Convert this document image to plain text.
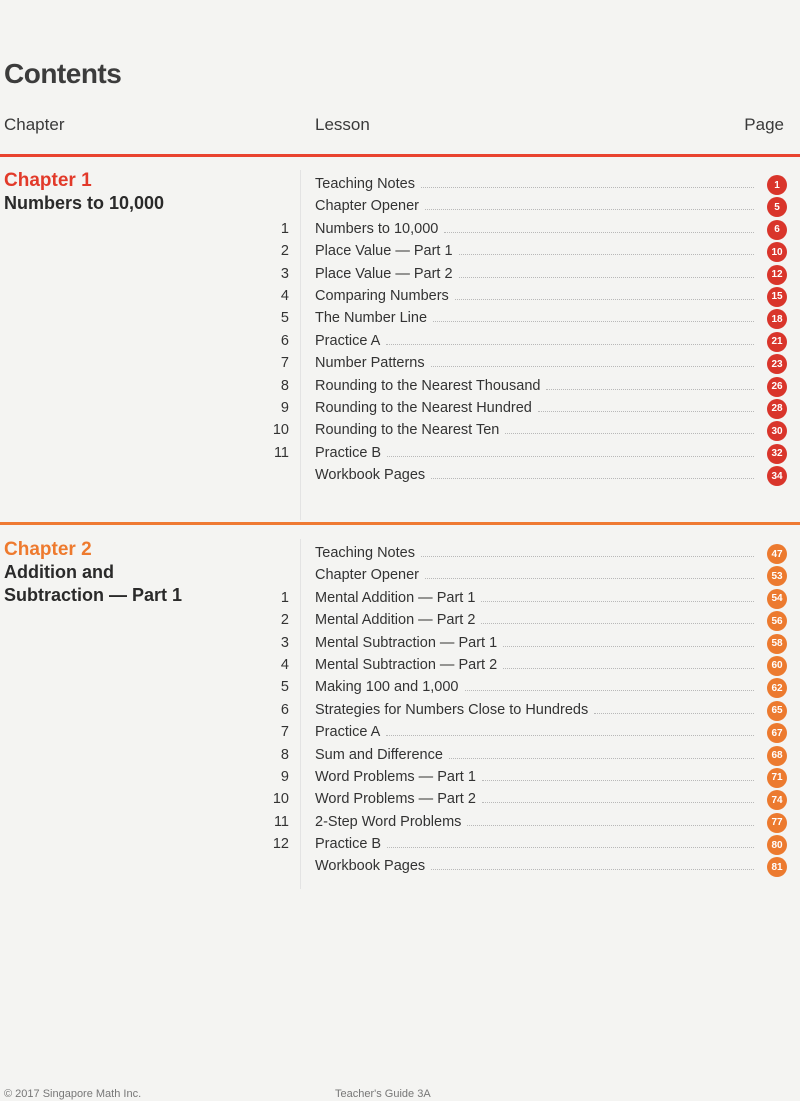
Contents
Chapter	Lesson	Page
Chapter 1
Numbers to 10,000
Teaching Notes	1
Chapter Opener	5
1 Numbers to 10,000	6
2 Place Value — Part 1	10
3 Place Value — Part 2	12
4 Comparing Numbers	15
5 The Number Line	18
6 Practice A	21
7 Number Patterns	23
8 Rounding to the Nearest Thousand	26
9 Rounding to the Nearest Hundred	28
10 Rounding to the Nearest Ten	30
11 Practice B	32
Workbook Pages	34
Chapter 2
Addition and
Subtraction — Part 1
Teaching Notes	47
Chapter Opener	53
1 Mental Addition — Part 1	54
2 Mental Addition — Part 2	56
3 Mental Subtraction — Part 1	58
4 Mental Subtraction — Part 2	60
5 Making 100 and 1,000	62
6 Strategies for Numbers Close to Hundreds	65
7 Practice A	67
8 Sum and Difference	68
9 Word Problems — Part 1	71
10 Word Problems — Part 2	74
11 2-Step Word Problems	77
12 Practice B	80
Workbook Pages	81
© 2017 Singapore Math Inc.	Teacher's Guide 3A
